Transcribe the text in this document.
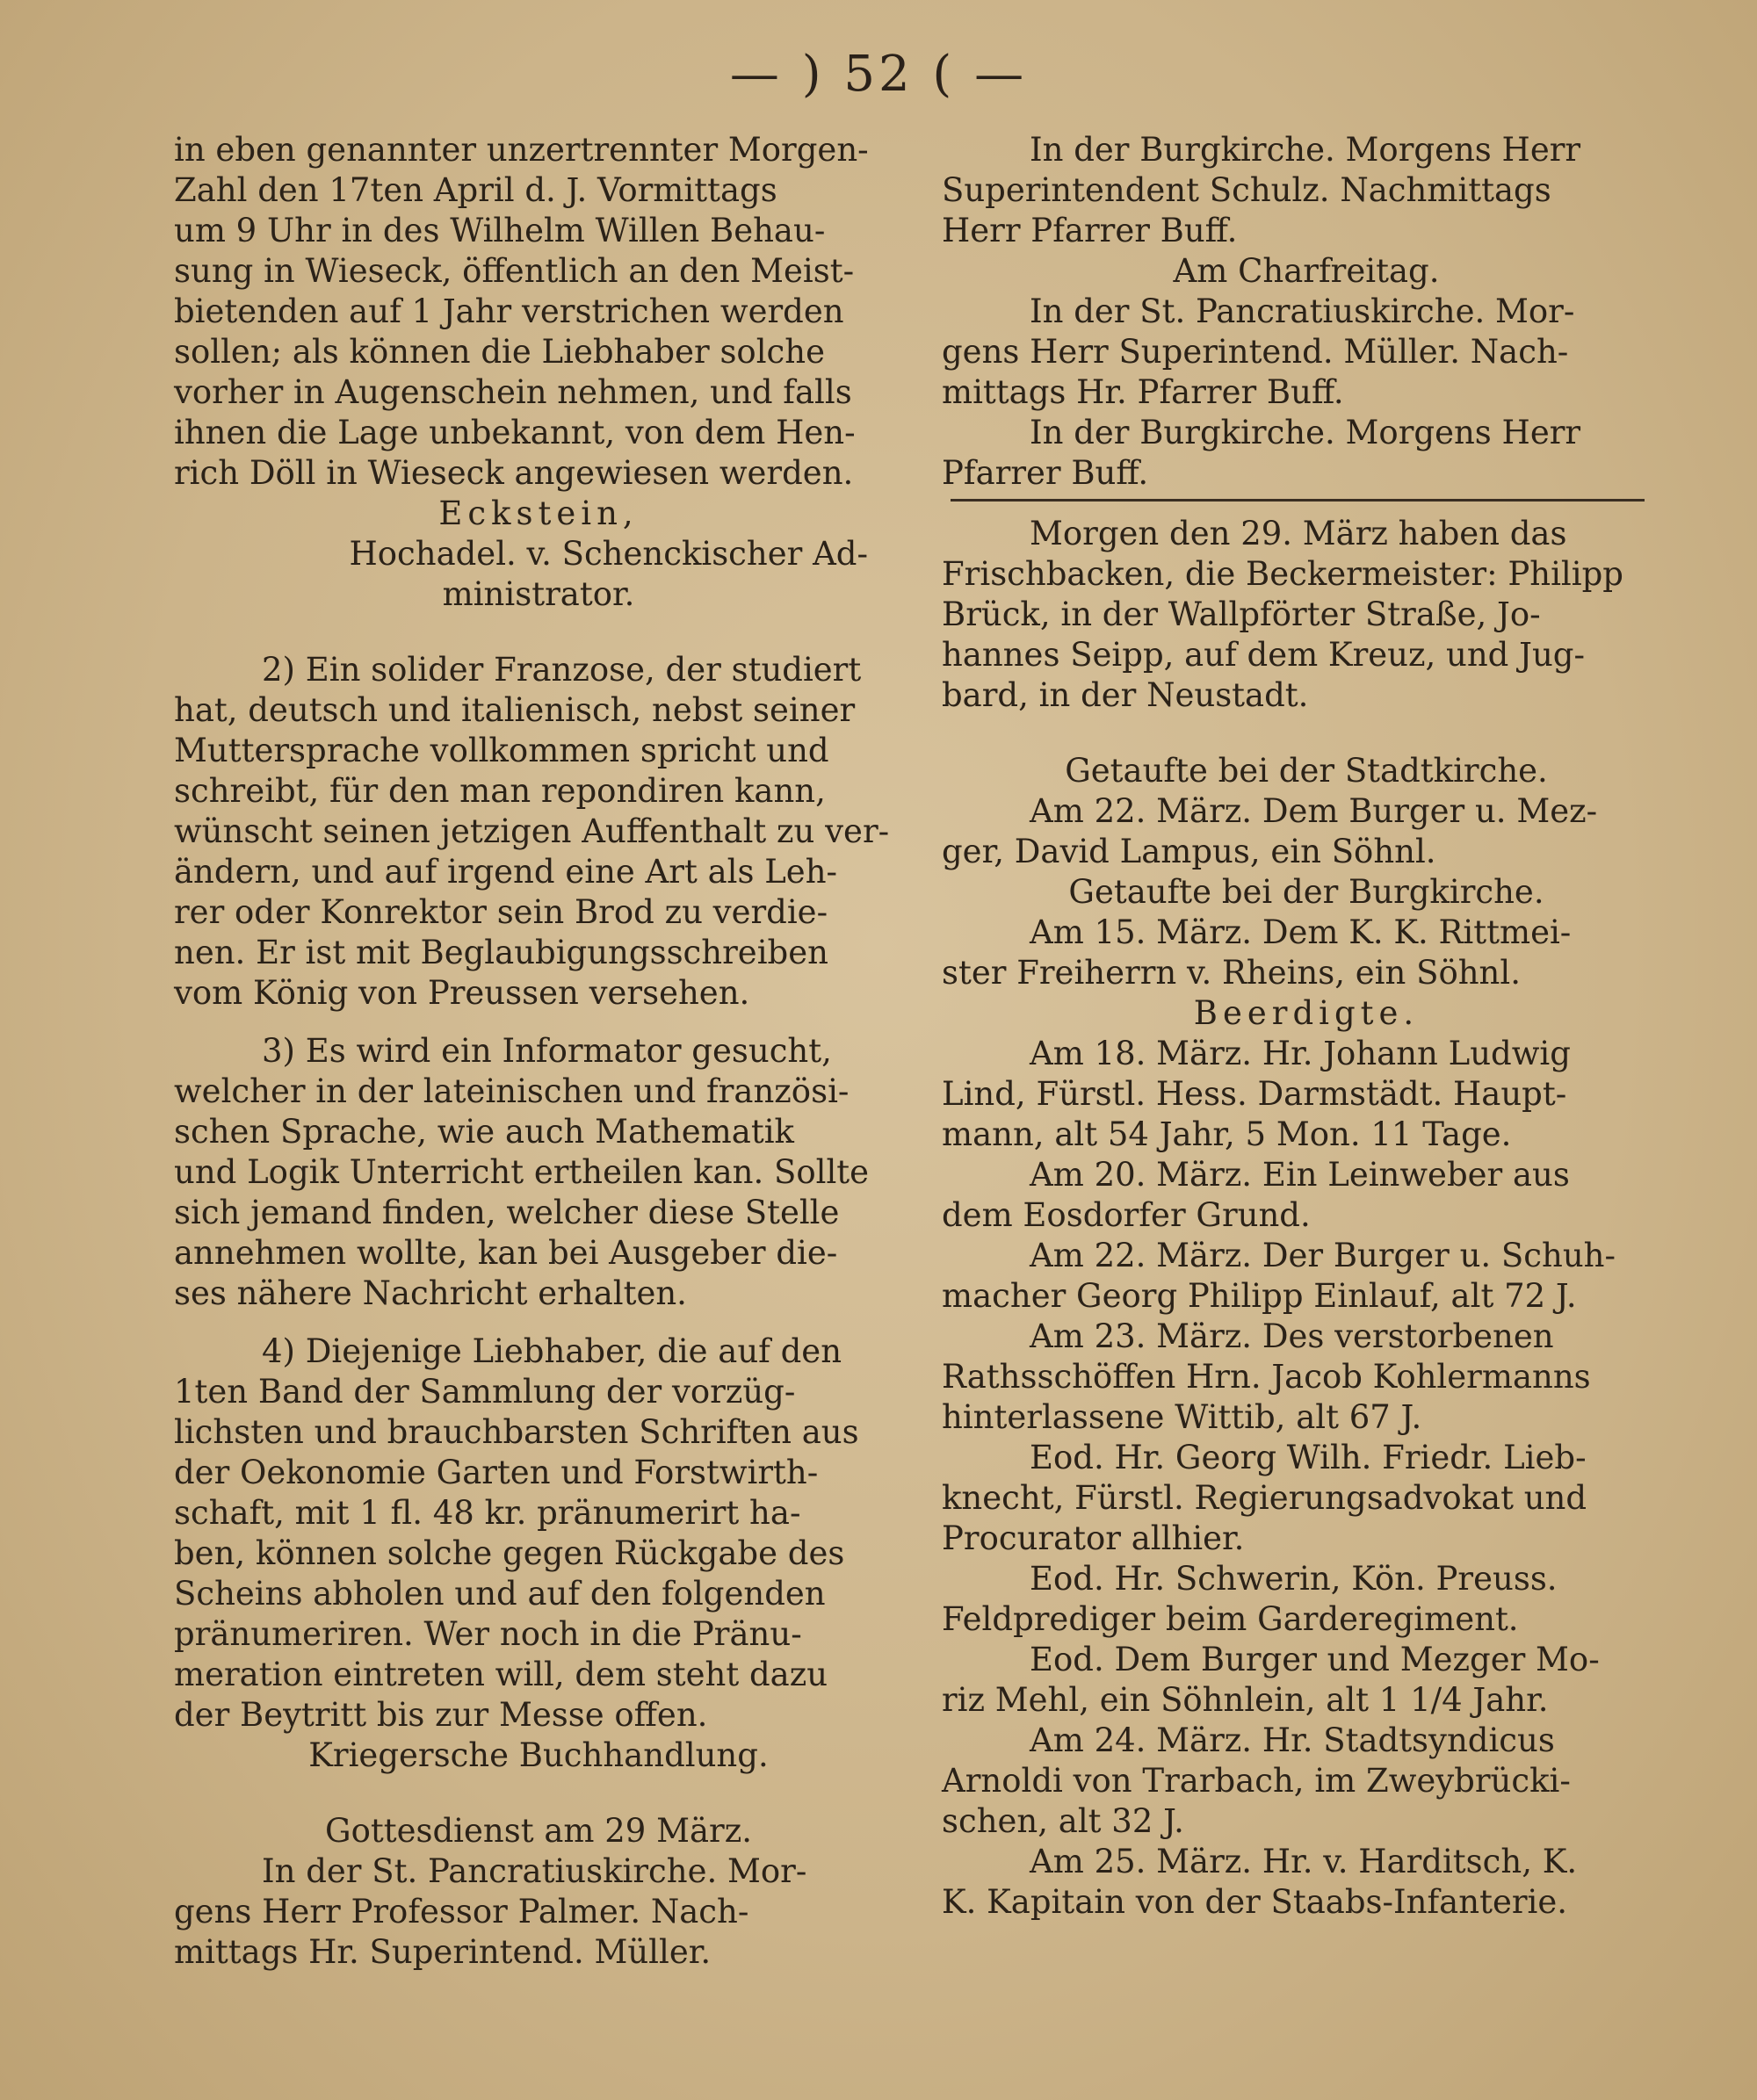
— ) 52 ( —
in eben genannter unzertrennter Morgen-
Zahl den 17ten April d. J. Vormittags
um 9 Uhr in des Wilhelm Willen Behau-
sung in Wieseck, öffentlich an den Meist-
bietenden auf 1 Jahr verstrichen werden
sollen; als können die Liebhaber solche
vorher in Augenschein nehmen, und falls
ihnen die Lage unbekannt, von dem Hen-
rich Döll in Wieseck angewiesen werden.
Eckstein,
Hochadel. v. Schenckischer Ad-
ministrator.
2) Ein solider Franzose, der studiert
hat, deutsch und italienisch, nebst seiner
Muttersprache vollkommen spricht und
schreibt, für den man repondiren kann,
wünscht seinen jetzigen Auffenthalt zu ver-
ändern, und auf irgend eine Art als Leh-
rer oder Konrektor sein Brod zu verdie-
nen. Er ist mit Beglaubigungsschreiben
vom König von Preussen versehen.
3) Es wird ein Informator gesucht,
welcher in der lateinischen und französi-
schen Sprache, wie auch Mathematik
und Logik Unterricht ertheilen kan. Sollte
sich jemand finden, welcher diese Stelle
annehmen wollte, kan bei Ausgeber die-
ses nähere Nachricht erhalten.
4) Diejenige Liebhaber, die auf den
1ten Band der Sammlung der vorzüg-
lichsten und brauchbarsten Schriften aus
der Oekonomie Garten und Forstwirth-
schaft, mit 1 fl. 48 kr. pränumerirt ha-
ben, können solche gegen Rückgabe des
Scheins abholen und auf den folgenden
pränumeriren. Wer noch in die Pränu-
meration eintreten will, dem steht dazu
der Beytritt bis zur Messe offen.
Kriegersche Buchhandlung.
Gottesdienst am 29 März.
In der St. Pancratiuskirche. Mor-
gens Herr Professor Palmer. Nach-
mittags Hr. Superintend. Müller.
In der Burgkirche. Morgens Herr
Superintendent Schulz. Nachmittags
Herr Pfarrer Buff.
Am Charfreitag.
In der St. Pancratiuskirche. Mor-
gens Herr Superintend. Müller. Nach-
mittags Hr. Pfarrer Buff.
In der Burgkirche. Morgens Herr
Pfarrer Buff.
Morgen den 29. März haben das
Frischbacken, die Beckermeister: Philipp
Brück, in der Wallpförter Straße, Jo-
hannes Seipp, auf dem Kreuz, und Jug-
bard, in der Neustadt.
Getaufte bei der Stadtkirche.
Am 22. März. Dem Burger u. Mez-
ger, David Lampus, ein Söhnl.
Getaufte bei der Burgkirche.
Am 15. März. Dem K. K. Rittmei-
ster Freiherrn v. Rheins, ein Söhnl.
Beerdigte.
Am 18. März. Hr. Johann Ludwig
Lind, Fürstl. Hess. Darmstädt. Haupt-
mann, alt 54 Jahr, 5 Mon. 11 Tage.
Am 20. März. Ein Leinweber aus
dem Eosdorfer Grund.
Am 22. März. Der Burger u. Schuh-
macher Georg Philipp Einlauf, alt 72 J.
Am 23. März. Des verstorbenen
Rathsschöffen Hrn. Jacob Kohlermanns
hinterlassene Wittib, alt 67 J.
Eod. Hr. Georg Wilh. Friedr. Lieb-
knecht, Fürstl. Regierungsadvokat und
Procurator allhier.
Eod. Hr. Schwerin, Kön. Preuss.
Feldprediger beim Garderegiment.
Eod. Dem Burger und Mezger Mo-
riz Mehl, ein Söhnlein, alt 1 1/4 Jahr.
Am 24. März. Hr. Stadtsyndicus
Arnoldi von Trarbach, im Zweybrücki-
schen, alt 32 J.
Am 25. März. Hr. v. Harditsch, K.
K. Kapitain von der Staabs-Infanterie.
